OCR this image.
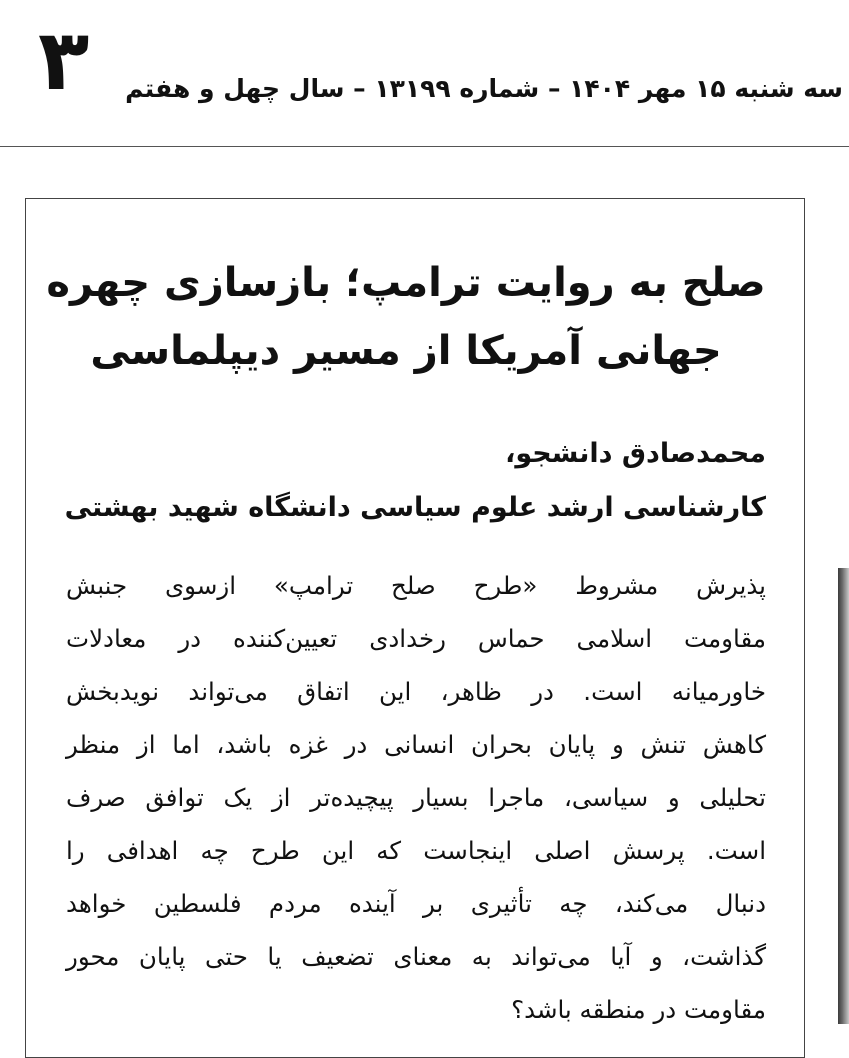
۳ سه شنبه ۱۵ مهر ۱۴۰۴ – شماره ۱۳۱۹۹ – سال چهل و هفتم
صلح به روایت ترامپ؛ بازسازی چهره
جهانی آمریکا از مسیر دیپلماسی
محمدصادق دانشجو،
کارشناسی ارشد علوم سیاسی دانشگاه شهید بهشتی
پذیرش مشروط «طرح صلح ترامپ» ازسوی جنبش
مقاومت اسلامی حماس رخدادی تعیین‌کننده در معادلات
خاورمیانه است. در ظاهر، این اتفاق می‌تواند نویدبخش
کاهش تنش و پایان بحران انسانی در غزه باشد، اما از منظر
تحلیلی و سیاسی، ماجرا بسیار پیچیده‌تر از یک توافق صرف
است. پرسش اصلی اینجاست که این طرح چه اهدافی را
دنبال می‌کند، چه تأثیری بر آینده مردم فلسطین خواهد
گذاشت، و آیا می‌تواند به معنای تضعیف یا حتی پایان محور
مقاومت در منطقه باشد؟
